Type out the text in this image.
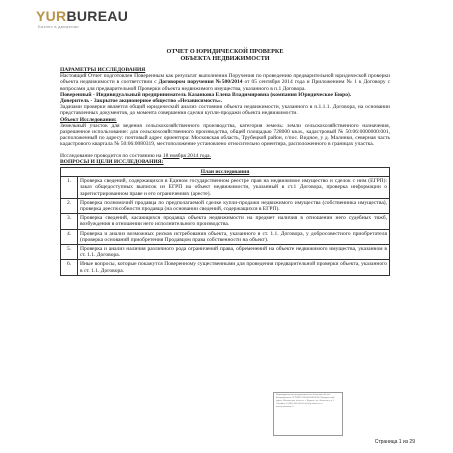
YURBUREAU
Бизнес в движении
ОТЧЕТ О ЮРИДИЧЕСКОЙ ПРОВЕРКЕ
ОБЪЕКТА НЕДВИЖИМОСТИ
ПАРАМЕТРЫ ИССЛЕДОВАНИЯ

Настоящий Отчет подготовлен Поверенным как результат выполнения Поручения по проведению предварительной юридической проверки объекта недвижимости в соответствии с Договором поручения №500/2014 от 05 сентября 2014 года и Приложением № 1 к Договору с вопросами для предварительной Проверки объекта недвижимого имущества, указанного в п.1 Договора.

Поверенный - Индивидуальный предприниматель Казанкова Елена Владимировна (компания Юридическое Бюро).

Доверитель - Закрытое акционерное общество «Независимость».

Задачами проверки является общий юридический анализ состояния объекта недвижимости, указанного в п.1.1.1. Договора, на основании представленных документов, до момента совершения сделки купли-продажи объекта недвижимости.

Объект Исследования:

Земельный участок для ведения сельскохозяйственного производства, категория земель: земли сельскохозяйственного назначения, разрешенное использование: для сельскохозяйственного производства, общей площадью 728000 кв.м., кадастровый № 50:06:0000000:001, расположенный по адресу: почтовый адрес ориентира: Московская область, Трубецкой район, с/пос. Видное, у д. Малинки, северная часть кадастрового квартала № 50:06:0080319, местоположение установлено относительно ориентира, расположенного в границах участка.

Исследование проводится по состоянию на 18 ноября 2014 года.

ВОПРОСЫ И ЦЕЛИ ИССЛЕДОВАНИЯ:
План исследования	
1.	Проверка сведений, содержащихся в Едином государственном реестре прав на недвижимое имущество и сделок с ним (ЕГРП): заказ общедоступных выписок из ЕГРП на объект недвижимости, указанный в ст.1 Договора, проверка информации о зарегистрированном праве и его ограничениях (аресте).
2.	Проверка полномочий продавца по предполагаемой сделке купли-продажи недвижимого имущества (собственника имущества), проверка дееспособности продавца (на основании сведений, содержащихся в ЕГРП).
3.	Проверка сведений, касающихся продавца объекта недвижимости на предмет наличия в отношении него судебных тяжб, возбуждения в отношении него исполнительного производства.
4.	Проверка и анализ возможных рисков истребования объекта, указанного в ст. 1.1. Договора, у добросовестного приобретателя (проверка оснований приобретения Продавцом права собственности на объект).
5.	Проверка и анализ наличия различного рода ограничений права, обременений на объекте недвижимого имущества, указанном в ст. 1.1. Договора.
6.	Иные вопросы, которые покажутся Поверенному существенными для проведения предварительной проверки объекта, указанного в ст. 1.1. Договора.
Индивидуальный предприниматель Казанкова Елена Владимировна ОГРНИП 314500000000000 Юридический адрес: Московская область, г. Видное, ул. Школьная, д. 1 Телефон: 8 (495) 000-00-00 info@yurbureau.ru www.yurbureau.ru
Страница 1 из 29
